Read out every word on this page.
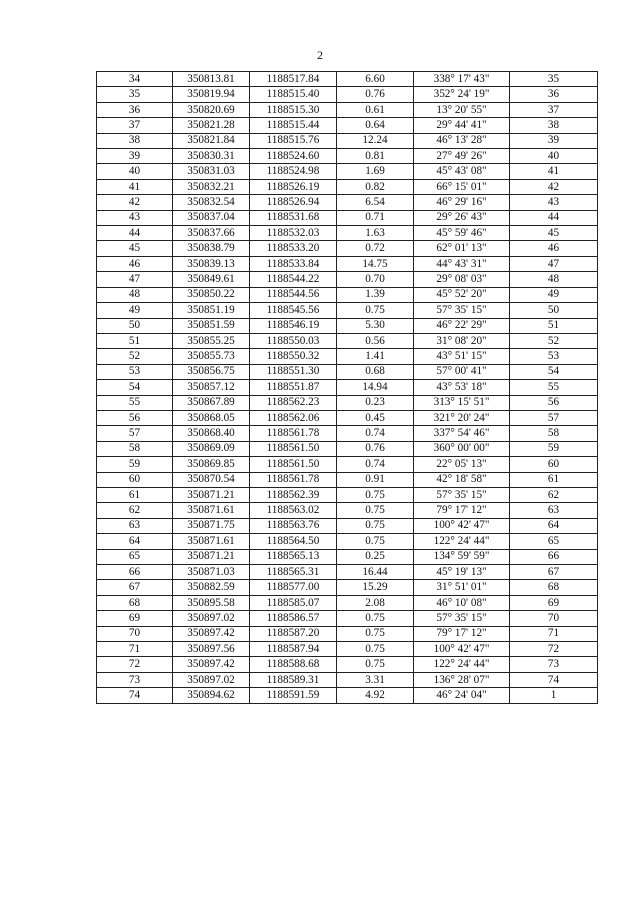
2
34	350813.81	1188517.84	6.60	338° 17' 43"	35
35	350819.94	1188515.40	0.76	352° 24' 19"	36
36	350820.69	1188515.30	0.61	13° 20' 55"	37
37	350821.28	1188515.44	0.64	29° 44' 41"	38
38	350821.84	1188515.76	12.24	46° 13' 28"	39
39	350830.31	1188524.60	0.81	27° 49' 26"	40
40	350831.03	1188524.98	1.69	45° 43' 08"	41
41	350832.21	1188526.19	0.82	66° 15' 01"	42
42	350832.54	1188526.94	6.54	46° 29' 16"	43
43	350837.04	1188531.68	0.71	29° 26' 43"	44
44	350837.66	1188532.03	1.63	45° 59' 46"	45
45	350838.79	1188533.20	0.72	62° 01' 13"	46
46	350839.13	1188533.84	14.75	44° 43' 31"	47
47	350849.61	1188544.22	0.70	29° 08' 03"	48
48	350850.22	1188544.56	1.39	45° 52' 20"	49
49	350851.19	1188545.56	0.75	57° 35' 15"	50
50	350851.59	1188546.19	5.30	46° 22' 29"	51
51	350855.25	1188550.03	0.56	31° 08' 20"	52
52	350855.73	1188550.32	1.41	43° 51' 15"	53
53	350856.75	1188551.30	0.68	57° 00' 41"	54
54	350857.12	1188551.87	14.94	43° 53' 18"	55
55	350867.89	1188562.23	0.23	313° 15' 51"	56
56	350868.05	1188562.06	0.45	321° 20' 24"	57
57	350868.40	1188561.78	0.74	337° 54' 46"	58
58	350869.09	1188561.50	0.76	360° 00' 00"	59
59	350869.85	1188561.50	0.74	22° 05' 13"	60
60	350870.54	1188561.78	0.91	42° 18' 58"	61
61	350871.21	1188562.39	0.75	57° 35' 15"	62
62	350871.61	1188563.02	0.75	79° 17' 12"	63
63	350871.75	1188563.76	0.75	100° 42' 47"	64
64	350871.61	1188564.50	0.75	122° 24' 44"	65
65	350871.21	1188565.13	0.25	134° 59' 59"	66
66	350871.03	1188565.31	16.44	45° 19' 13"	67
67	350882.59	1188577.00	15.29	31° 51' 01"	68
68	350895.58	1188585.07	2.08	46° 10' 08"	69
69	350897.02	1188586.57	0.75	57° 35' 15"	70
70	350897.42	1188587.20	0.75	79° 17' 12"	71
71	350897.56	1188587.94	0.75	100° 42' 47"	72
72	350897.42	1188588.68	0.75	122° 24' 44"	73
73	350897.02	1188589.31	3.31	136° 28' 07"	74
74	350894.62	1188591.59	4.92	46° 24' 04"	1
